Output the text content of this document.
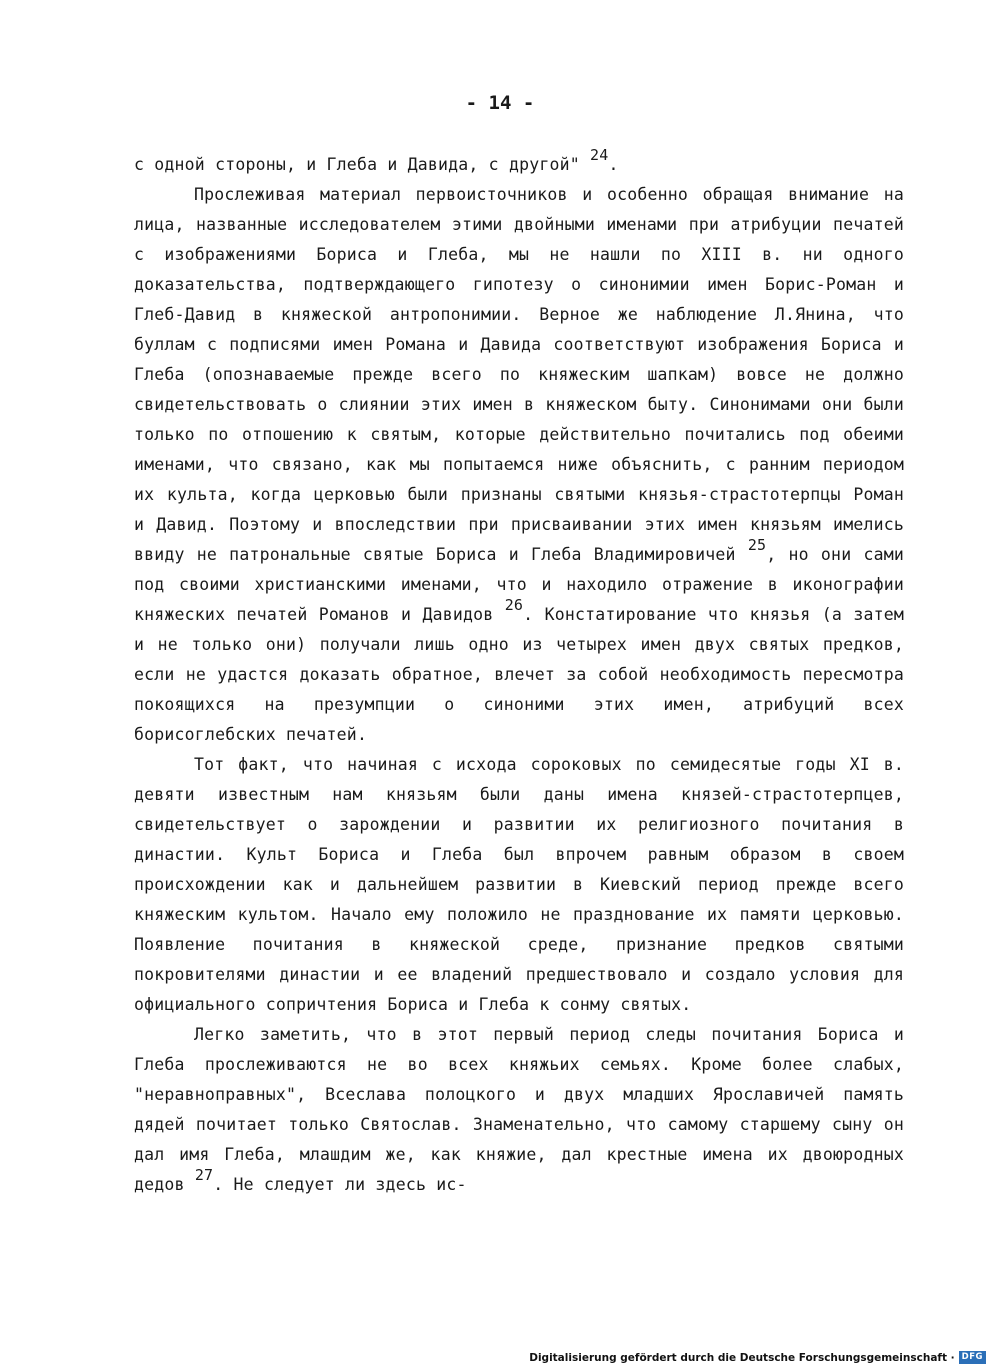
- 14 -

с одной стороны, и Глеба и Давида, с другой" $^{24}$.

Прослеживая материал первоисточников и особенно обращая внимание на лица, названные исследователем этими двойными именами при атрибуции печатей с изображениями Бориса и Глеба, мы не нашли по XIII в. ни одного доказательства, подтверждающего гипотезу о синонимии имен Борис-Роман и Глеб-Давид в княжеской антропонимии. Верное же наблюдение Л.Янина, что буллам с подписями имен Романа и Давида соответствуют изображения Бориса и Глеба (опознаваемые прежде всего по княжеским шапкам) вовсе не должно свидетельствовать о слиянии этих имен в княжеском быту. Синонимами они были только по отпошению к святым, которые действительно почитались под обеими именами, что связано, как мы попытаемся ниже объяснить, с ранним периодом их культа, когда церковью были признаны святыми князья-страстотерпцы Роман и Давид. Поэтому и впоследствии при присваивании этих имен князьям имелись ввиду не патрональные святые Бориса и Глеба Владимировичей $^{25}$, но они сами под своими христианскими именами, что и находило отражение в иконографии княжеских печатей Романов и Давидов $^{26}$. Констатирование что князья (а затем и не только они) получали лишь одно из четырех имен двух святых предков, если не удастся доказать обратное, влечет за собой необходимость пересмотра покоящихся на презумпции о синоними этих имен, атрибуций всех борисоглебских печатей.

Тот факт, что начиная с исхода сороковых по семидесятые годы XI в. девяти известным нам князьям были даны имена князей-страстотерпцев, свидетельствует о зарождении и развитии их религиозного почитания в династии. Культ Бориса и Глеба был впрочем равным образом в своем происхождении как и дальнейшем развитии в Киевский период прежде всего княжеским культом. Начало ему положило не празднование их памяти церковью. Появление почитания в княжеской среде, признание предков святыми покровителями династии и ее владений предшествовало и создало условия для официального сопричтения Бориса и Глеба к сонму святых.

Легко заметить, что в этот первый период следы почитания Бориса и Глеба прослеживаются не во всех княжьих семьях. Кроме более слабых, "неравноправных", Всеслава полоцкого и двух младших Ярославичей память дядей почитает только Святослав. Знаменательно, что самому старшему сыну он дал имя Глеба, млашдим же, как княжие, дал крестные имена их двоюродных дедов $^{27}$. Не следует ли здесь ис-

Digitalisierung gefördert durch die Deutsche Forschungsgemeinschaft · DFG
